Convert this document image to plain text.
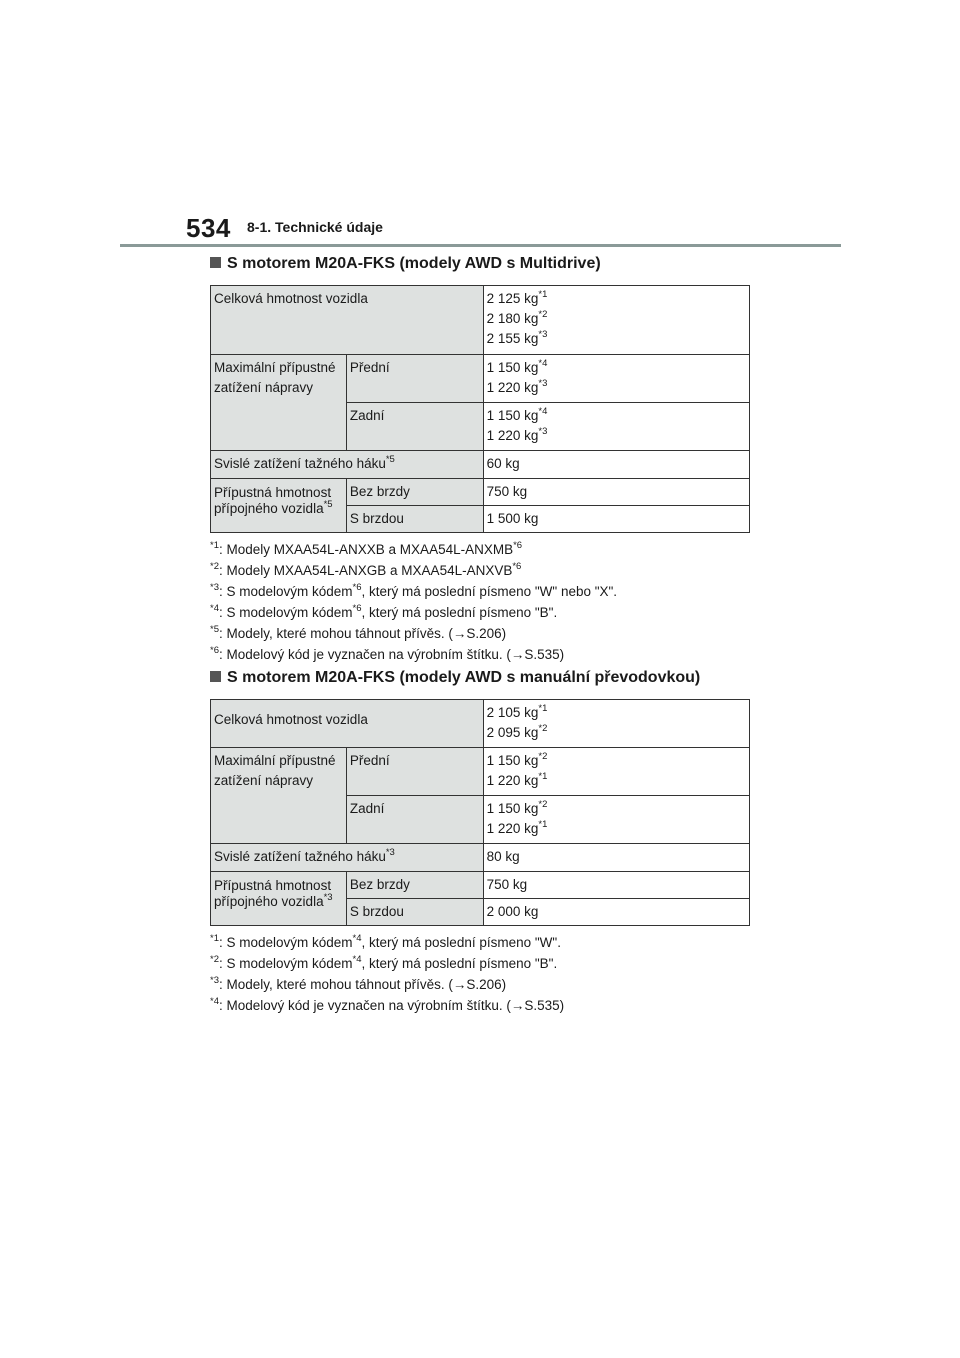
534 8-1. Technické údaje
S motorem M20A-FKS (modely AWD s Multidrive)
Celková hmotnost vozidla		2 125 $kg^{*1}$
2 180 $kg^{*2}$
2 155 $kg^{*3}$

Maximální přípustné zatížení nápravy	Přední	1 150 $kg^{*4}$
1 220 $kg^{*3}$

	Zadní	1 150 $kg^{*4}$
1 220 $kg^{*3}$

Svislé zatížení tažného háku$^{*5}$		60 kg

Přípustná hmotnost
přípojného vozidla$^{*5}$	Bez brzdy	750 kg
	S brzdou	1 500 kg
$^{*1}$: Modely MXAA54L-ANXXB a MXAA54L-ANXMB$^{*6}$
$^{*2}$: Modely MXAA54L-ANXGB a MXAA54L-ANXVB$^{*6}$
$^{*3}$: S modelovým kódem$^{*6}$, který má poslední písmeno "W" nebo "X".
$^{*4}$: S modelovým kódem$^{*6}$, který má poslední písmeno "B".
$^{*5}$: Modely, které mohou táhnout přívěs. (→S.206)
$^{*6}$: Modelový kód je vyznačen na výrobním štítku. (→S.535)
S motorem M20A-FKS (modely AWD s manuální převodovkou)
Celková hmotnost vozidla		2 105 $kg^{*1}$
2 095 $kg^{*2}$

Maximální přípustné zatížení nápravy	Přední	1 150 $kg^{*2}$
1 220 $kg^{*1}$

	Zadní	1 150 $kg^{*2}$
1 220 $kg^{*1}$

Svislé zatížení tažného háku$^{*3}$		80 kg

Přípustná hmotnost
přípojného vozidla$^{*3}$	Bez brzdy	750 kg
	S brzdou	2 000 kg
$^{*1}$: S modelovým kódem$^{*4}$, který má poslední písmeno "W".
$^{*2}$: S modelovým kódem$^{*4}$, který má poslední písmeno "B".
$^{*3}$: Modely, které mohou táhnout přívěs. (→S.206)
$^{*4}$: Modelový kód je vyznačen na výrobním štítku. (→S.535)
